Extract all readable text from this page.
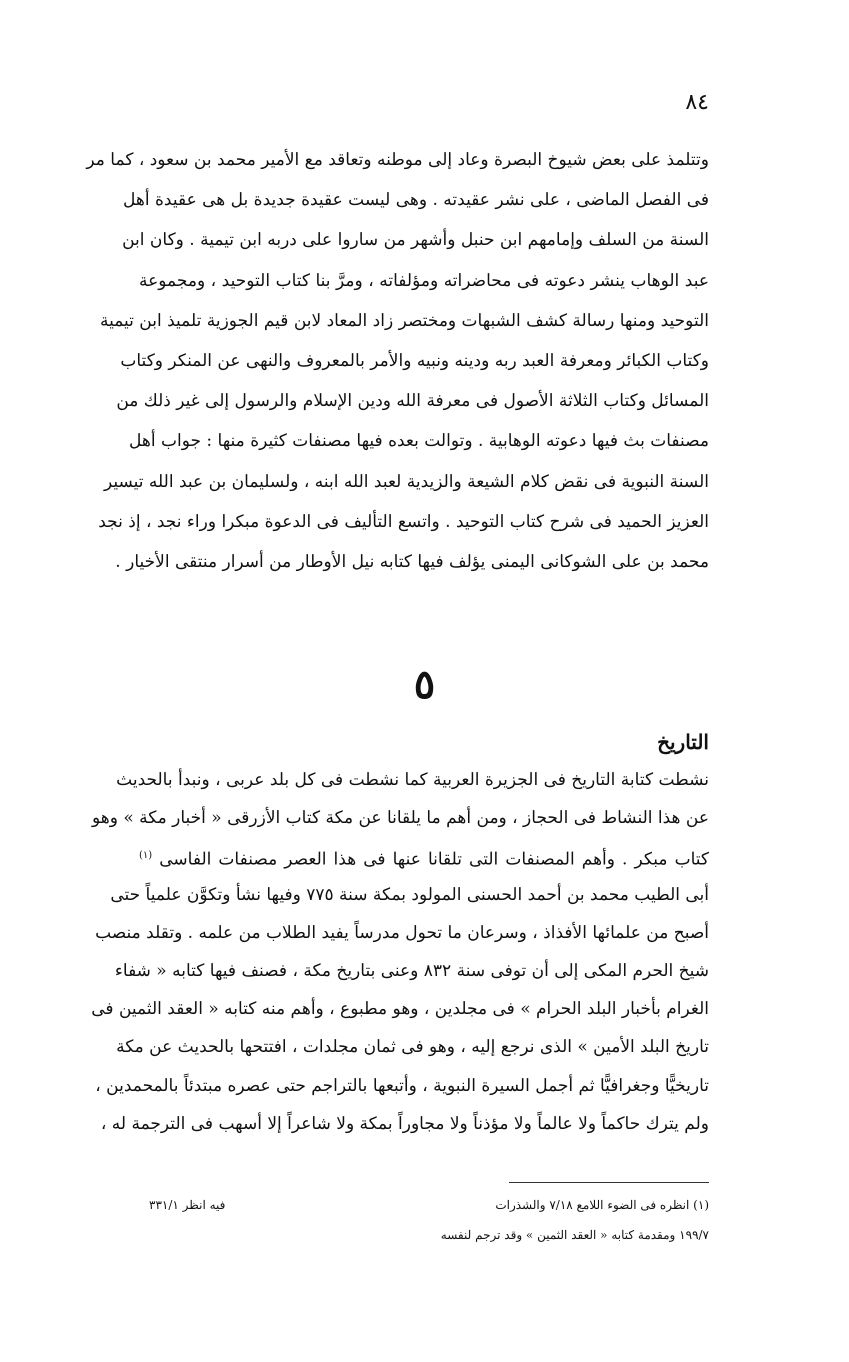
٨٤
وتتلمذ على بعض شيوخ البصرة وعاد إلى موطنه وتعاقد مع الأمير محمد بن سعود ، كما مر
فى الفصل الماضى ، على نشر عقيدته . وهى ليست عقيدة جديدة بل هى عقيدة أهل
السنة من السلف وإمامهم ابن حنبل وأشهر من ساروا على دربه ابن تيمية . وكان ابن
عبد الوهاب ينشر دعوته فى محاضراته ومؤلفاته ، ومرَّ بنا كتاب التوحيد ، ومجموعة
التوحيد ومنها رسالة كشف الشبهات ومختصر زاد المعاد لابن قيم الجوزية تلميذ ابن تيمية
وكتاب الكبائر ومعرفة العبد ربه ودينه ونبيه والأمر بالمعروف والنهى عن المنكر وكتاب
المسائل وكتاب الثلاثة الأصول فى معرفة الله ودين الإسلام والرسول إلى غير ذلك من
مصنفات بث فيها دعوته الوهابية . وتوالت بعده فيها مصنفات كثيرة منها : جواب أهل
السنة النبوية فى نقض كلام الشيعة والزيدية لعبد الله ابنه ، ولسليمان بن عبد الله تيسير
العزيز الحميد فى شرح كتاب التوحيد . واتسع التأليف فى الدعوة مبكرا وراء نجد ، إذ نجد
محمد بن على الشوكانى اليمنى يؤلف فيها كتابه نيل الأوطار من أسرار منتقى الأخيار .
٥
التاريخ
نشطت كتابة التاريخ فى الجزيرة العربية كما نشطت فى كل بلد عربى ، ونبدأ بالحديث
عن هذا النشاط فى الحجاز ، ومن أهم ما يلقانا عن مكة كتاب الأزرقى « أخبار مكة » وهو
كتاب مبكر . وأهم المصنفات التى تلقانا عنها فى هذا العصر مصنفات الفاسى $^{(١)}$
أبى الطيب محمد بن أحمد الحسنى المولود بمكة سنة ٧٧٥ وفيها نشأ وتكوَّن علمياً حتى
أصبح من علمائها الأفذاذ ، وسرعان ما تحول مدرساً يفيد الطلاب من علمه . وتقلد منصب
شيخ الحرم المكى إلى أن توفى سنة ٨٣٢ وعنى بتاريخ مكة ، فصنف فيها كتابه « شفاء
الغرام بأخبار البلد الحرام » فى مجلدين ، وهو مطبوع ، وأهم منه كتابه « العقد الثمين فى
تاريخ البلد الأمين » الذى نرجع إليه ، وهو فى ثمان مجلدات ، افتتحها بالحديث عن مكة
تاريخيًّا وجغرافيًّا ثم أجمل السيرة النبوية ، وأتبعها بالتراجم حتى عصره مبتدئاً بالمحمدين ،
ولم يترك حاكماً ولا عالماً ولا مؤذناً ولا مجاوراً بمكة ولا شاعراً إلا أسهب فى الترجمة له ،
(١) انظره فى الضوء اللامع ٧/١٨ والشذرات
فيه انظر ٣٣١/١
١٩٩/٧ ومقدمة كتابه « العقد الثمين » وقد ترجم لنفسه
